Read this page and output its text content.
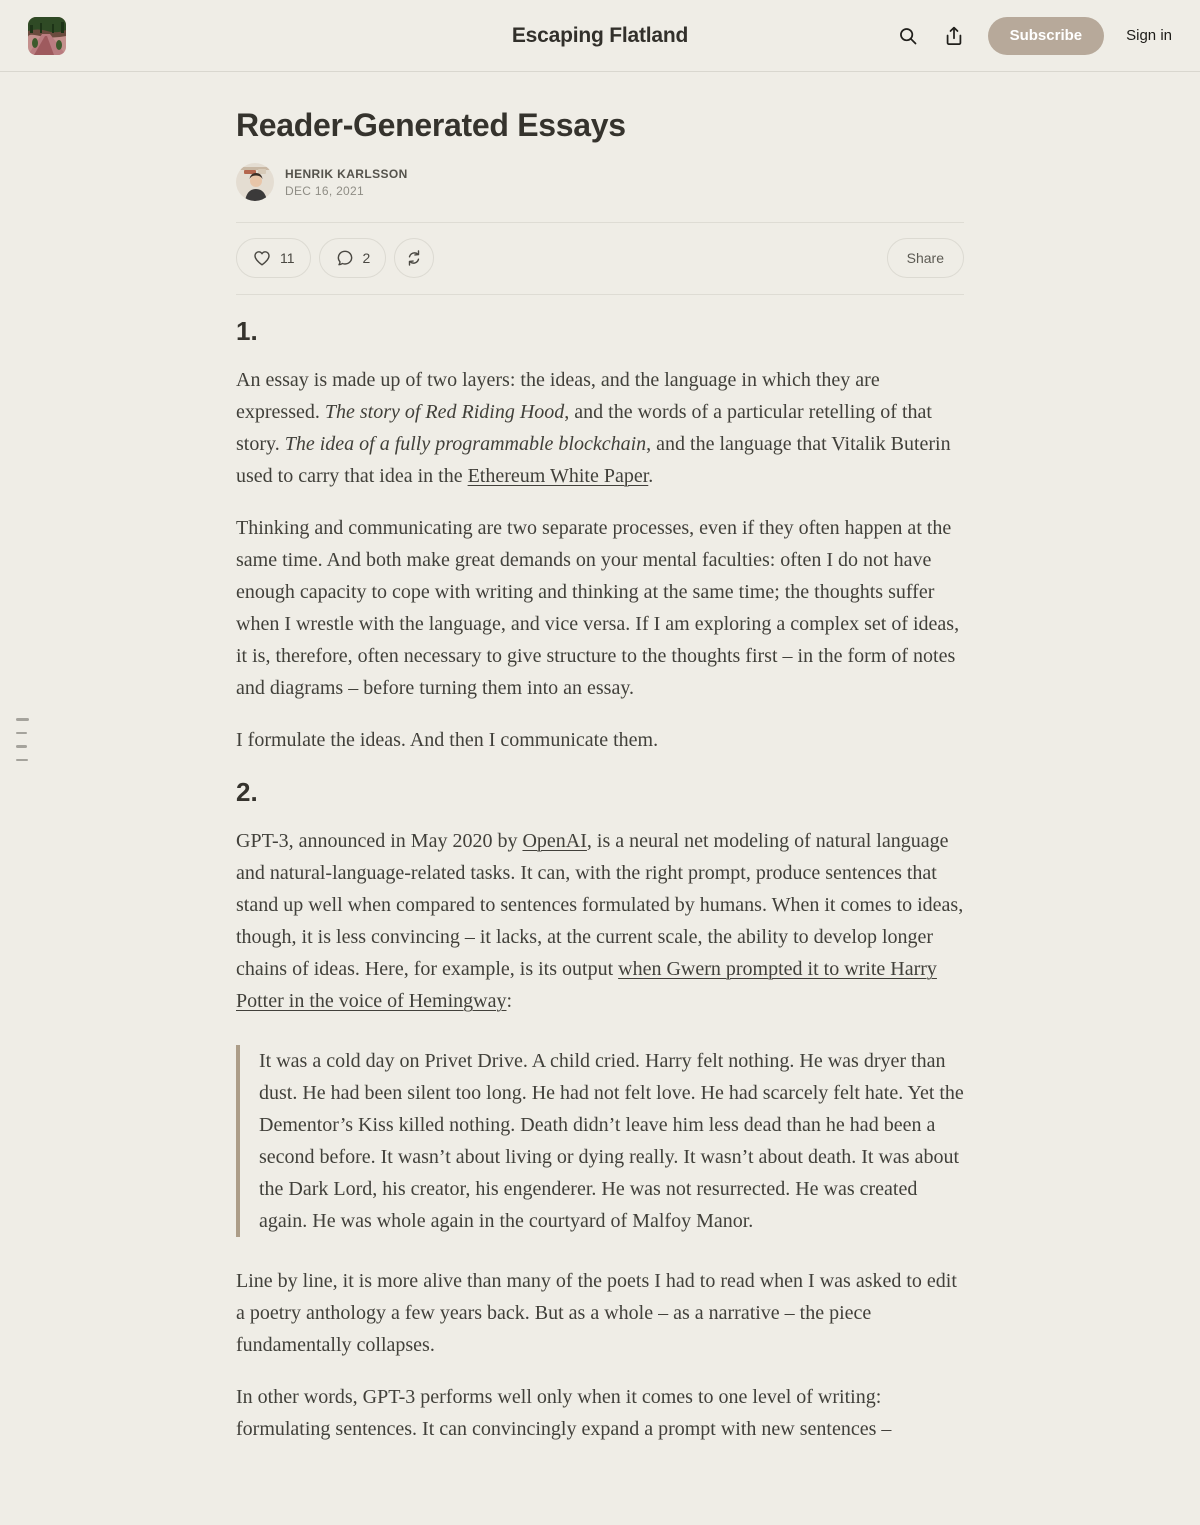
Escaping Flatland	Subscribe	Sign in
Reader-Generated Essays
HENRIK KARLSSON
DEC 16, 2021
11	2	Share
1.

An essay is made up of two layers: the ideas, and the language in which they are expressed. The story of Red Riding Hood, and the words of a particular retelling of that story. The idea of a fully programmable blockchain, and the language that Vitalik Buterin used to carry that idea in the Ethereum White Paper.

Thinking and communicating are two separate processes, even if they often happen at the same time. And both make great demands on your mental faculties: often I do not have enough capacity to cope with writing and thinking at the same time; the thoughts suffer when I wrestle with the language, and vice versa. If I am exploring a complex set of ideas, it is, therefore, often necessary to give structure to the thoughts first – in the form of notes and diagrams – before turning them into an essay.

I formulate the ideas. And then I communicate them.

2.

GPT-3, announced in May 2020 by OpenAI, is a neural net modeling of natural language and natural-language-related tasks. It can, with the right prompt, produce sentences that stand up well when compared to sentences formulated by humans. When it comes to ideas, though, it is less convincing – it lacks, at the current scale, the ability to develop longer chains of ideas. Here, for example, is its output when Gwern prompted it to write Harry Potter in the voice of Hemingway:

It was a cold day on Privet Drive. A child cried. Harry felt nothing. He was dryer than dust. He had been silent too long. He had not felt love. He had scarcely felt hate. Yet the Dementor’s Kiss killed nothing. Death didn’t leave him less dead than he had been a second before. It wasn’t about living or dying really. It wasn’t about death. It was about the Dark Lord, his creator, his engenderer. He was not resurrected. He was created again. He was whole again in the courtyard of Malfoy Manor.

Line by line, it is more alive than many of the poets I had to read when I was asked to edit a poetry anthology a few years back. But as a whole – as a narrative – the piece fundamentally collapses.

In other words, GPT-3 performs well only when it comes to one level of writing: formulating sentences. It can convincingly expand a prompt with new sentences –
